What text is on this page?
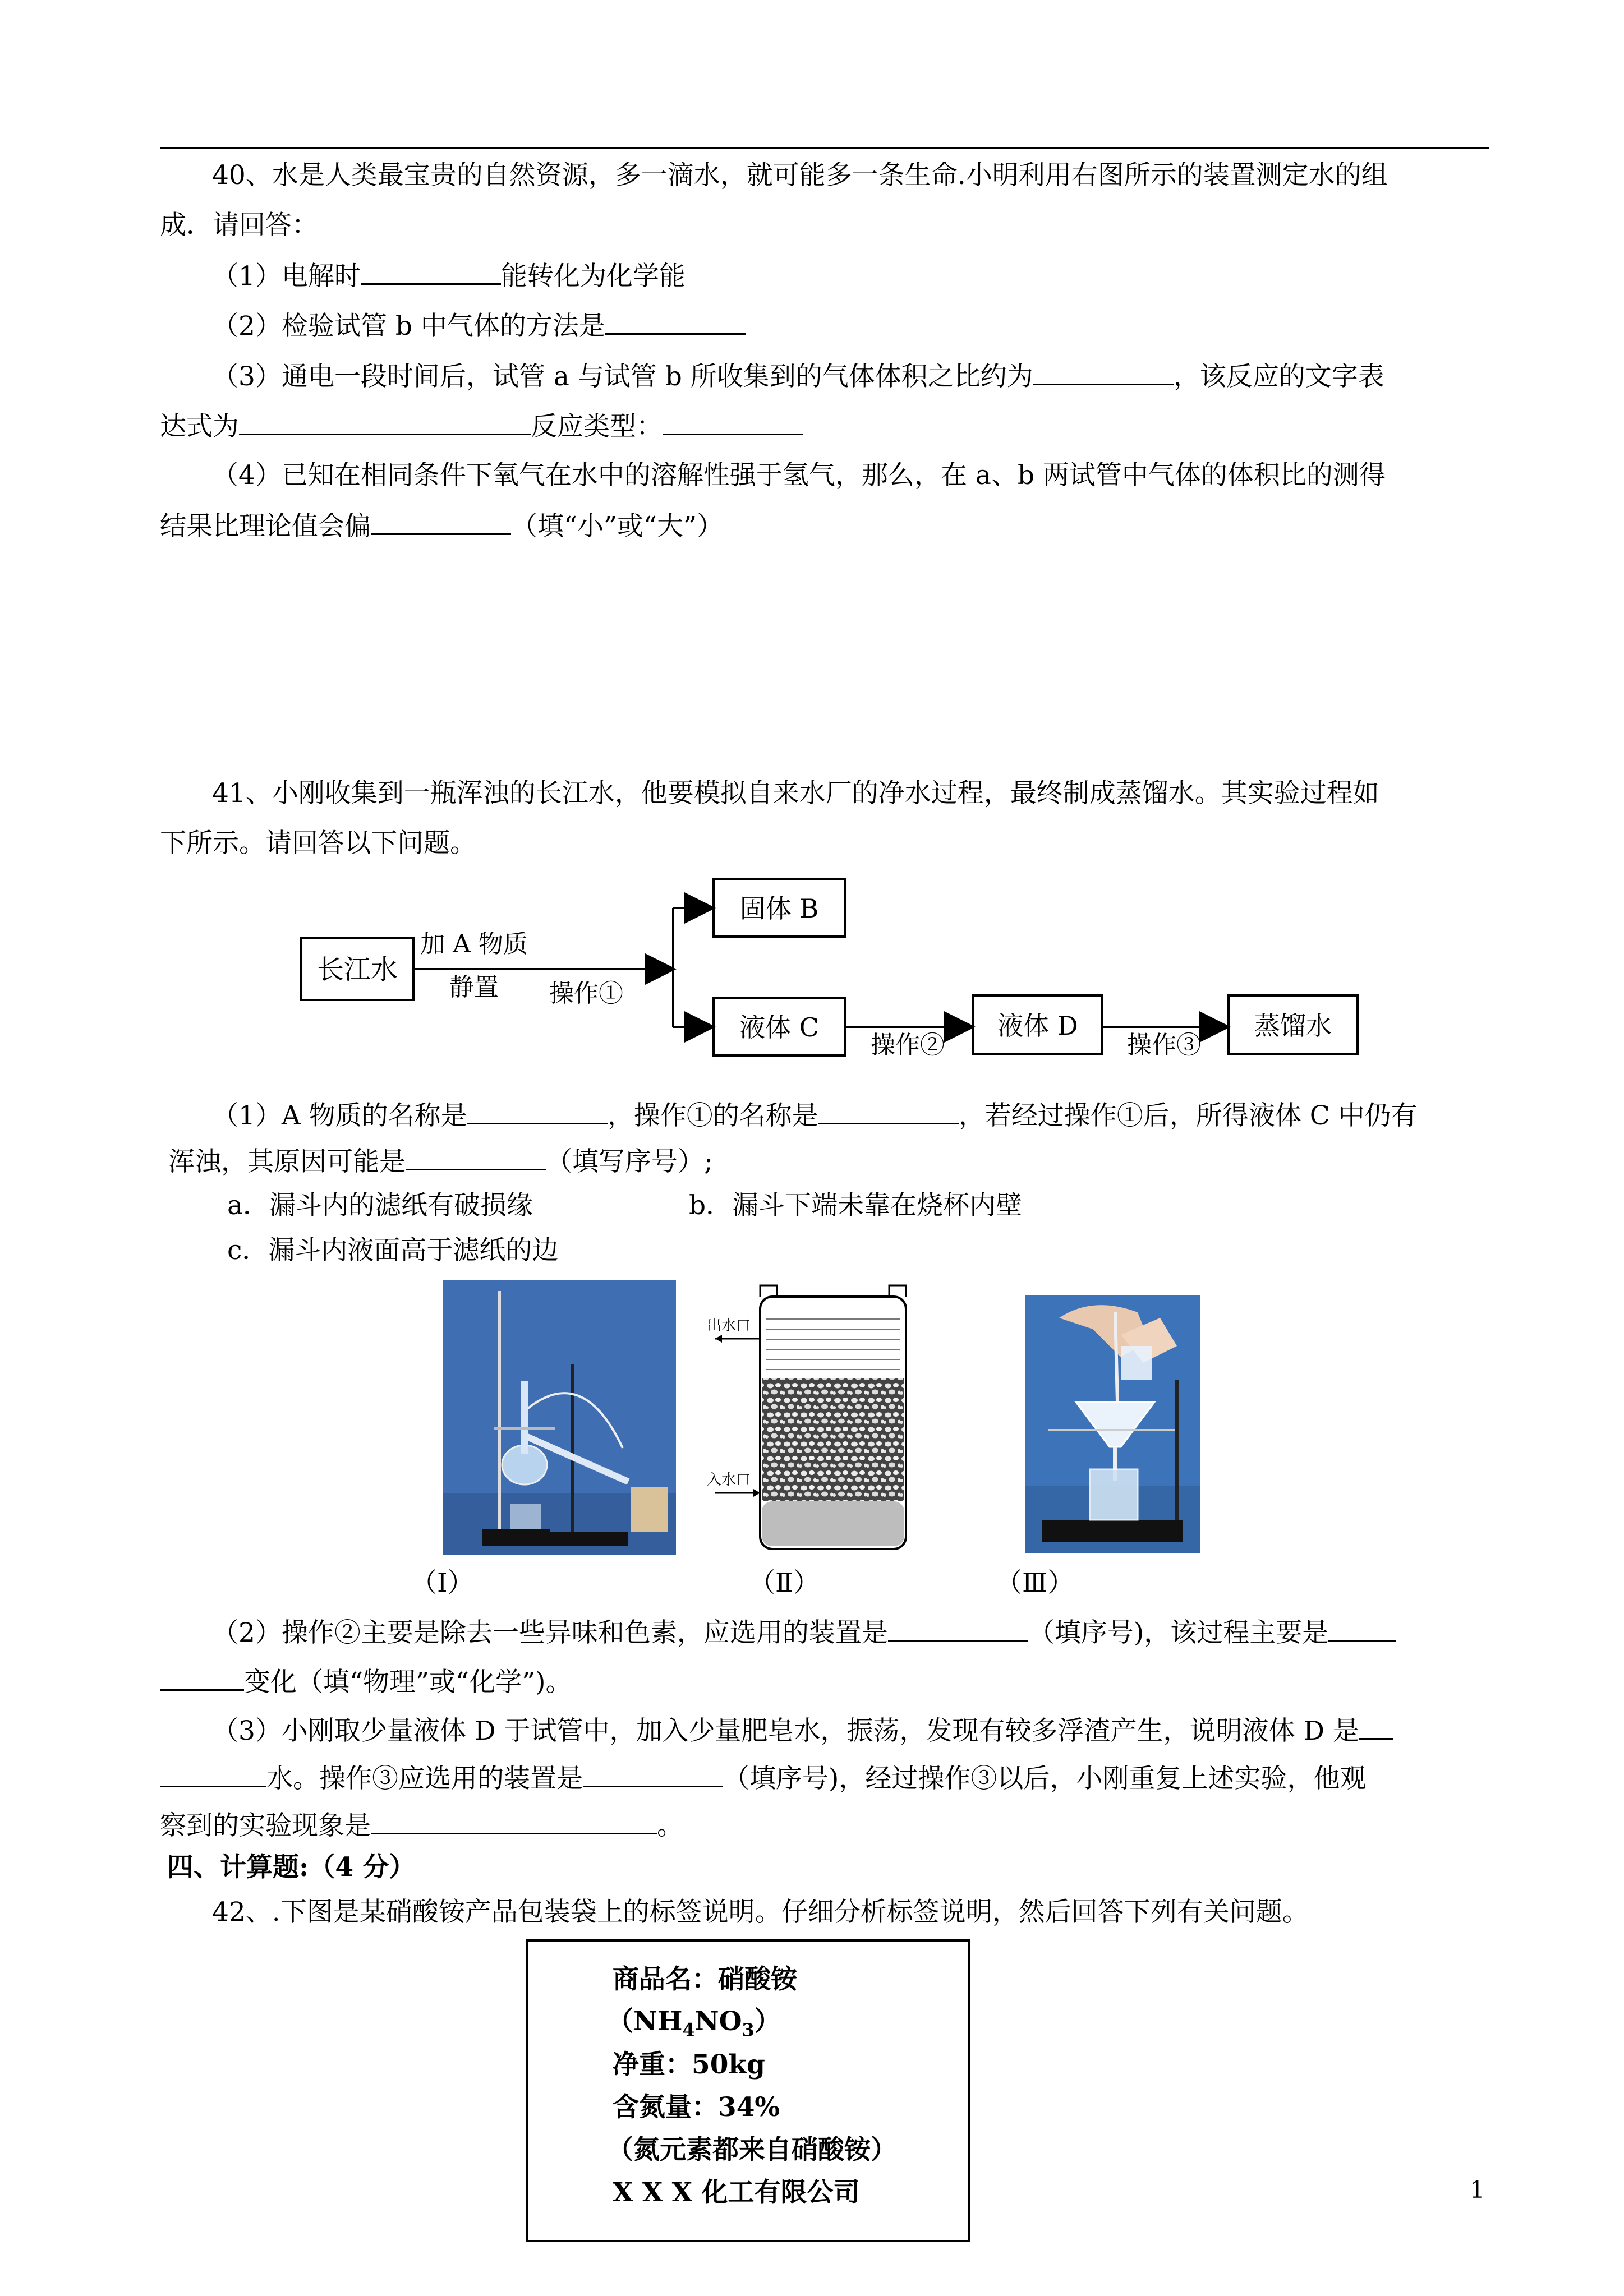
40、水是人类最宝贵的自然资源，多一滴水，就可能多一条生命.小明利用右图所示的装置测定水的组
成．请回答：
（1）电解时	能转化为化学能
（2）检验试管 b 中气体的方法是
（3）通电一段时间后，试管 a 与试管 b 所收集到的气体体积之比约为	，该反应的文字表
达式为	反应类型：
（4）已知在相同条件下氧气在水中的溶解性强于氢气，那么，在 a、b 两试管中气体的体积比的测得
结果比理论值会偏	（填“小”或“大”）
41、小刚收集到一瓶浑浊的长江水，他要模拟自来水厂的净水过程，最终制成蒸馏水。其实验过程如
下所示。请回答以下问题。
长江水
加 A 物质
静置 操作①
固体 B
液体 C
操作②
液体 D
操作③
蒸馏水
（1）A 物质的名称是	，操作①的名称是	，若经过操作①后，所得液体 C 中仍有
浑浊，其原因可能是	（填写序号）;
a．漏斗内的滤纸有破损缘	b．漏斗下端未靠在烧杯内壁
c．漏斗内液面高于滤纸的边
出水口
入水口
（Ⅰ）	（Ⅱ）	（Ⅲ）
（2）操作②主要是除去一些异味和色素，应选用的装置是	（填序号)，该过程主要是
变化（填“物理”或“化学”)。
（3）小刚取少量液体 D 于试管中，加入少量肥皂水，振荡，发现有较多浮渣产生，说明液体 D 是
水。操作③应选用的装置是	（填序号)，经过操作③以后，小刚重复上述实验，他观
察到的实验现象是	。
四、计算题:（4 分）
42、.下图是某硝酸铵产品包装袋上的标签说明。仔细分析标签说明，然后回答下列有关问题。
商品名：硝酸铵
$(NH_4NO_3)$
净重：50kg
含氮量：34%
（氮元素都来自硝酸铵）
X X X 化工有限公司	1
